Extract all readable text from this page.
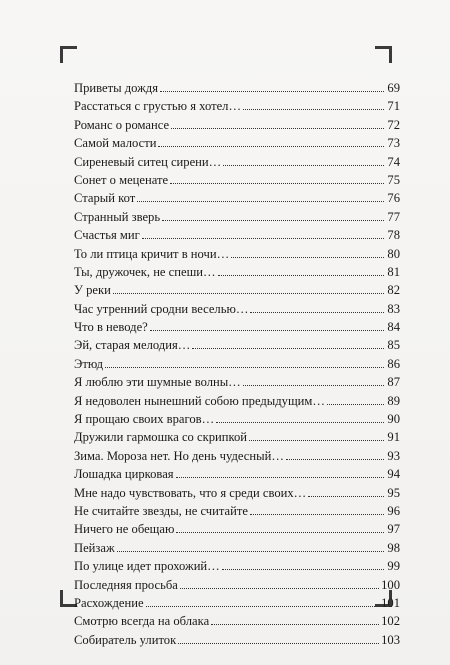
Приветы дождя	69
Расстаться с грустью я хотел…	71
Романс о романсе	72
Самой малости	73
Сиреневый ситец сирени…	74
Сонет о меценате	75
Старый кот	76
Странный зверь	77
Счастья миг	78
То ли птица кричит в ночи…	80
Ты, дружочек, не спеши…	81
У реки	82
Час утренний сродни веселью…	83
Что в неводе?	84
Эй, старая мелодия…	85
Этюд	86
Я люблю эти шумные волны…	87
Я недоволен нынешний собою предыдущим…	89
Я прощаю своих врагов…	90
Дружили гармошка со скрипкой	91
Зима. Мороза нет. Но день чудесный…	93
Лошадка цирковая	94
Мне надо чувствовать, что я среди своих…	95
Не считайте звезды, не считайте	96
Ничего не обещаю	97
Пейзаж	98
По улице идет прохожий…	99
Последняя просьба	100
Расхождение	101
Смотрю всегда на облака	102
Собиратель улиток	103
